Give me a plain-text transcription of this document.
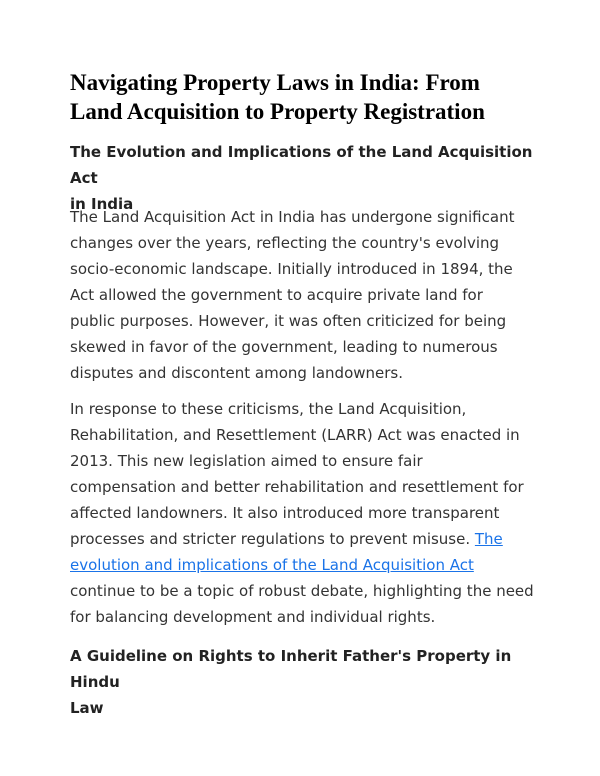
Navigating Property Laws in India: From
Land Acquisition to Property Registration
The Evolution and Implications of the Land Acquisition Act
in India

The Land Acquisition Act in India has undergone significant
changes over the years, reflecting the country's evolving
socio-economic landscape. Initially introduced in 1894, the
Act allowed the government to acquire private land for
public purposes. However, it was often criticized for being
skewed in favor of the government, leading to numerous
disputes and discontent among landowners.

In response to these criticisms, the Land Acquisition,
Rehabilitation, and Resettlement (LARR) Act was enacted in
2013. This new legislation aimed to ensure fair
compensation and better rehabilitation and resettlement for
affected landowners. It also introduced more transparent
processes and stricter regulations to prevent misuse. The
evolution and implications of the Land Acquisition Act
continue to be a topic of robust debate, highlighting the need
for balancing development and individual rights.

A Guideline on Rights to Inherit Father's Property in Hindu
Law
